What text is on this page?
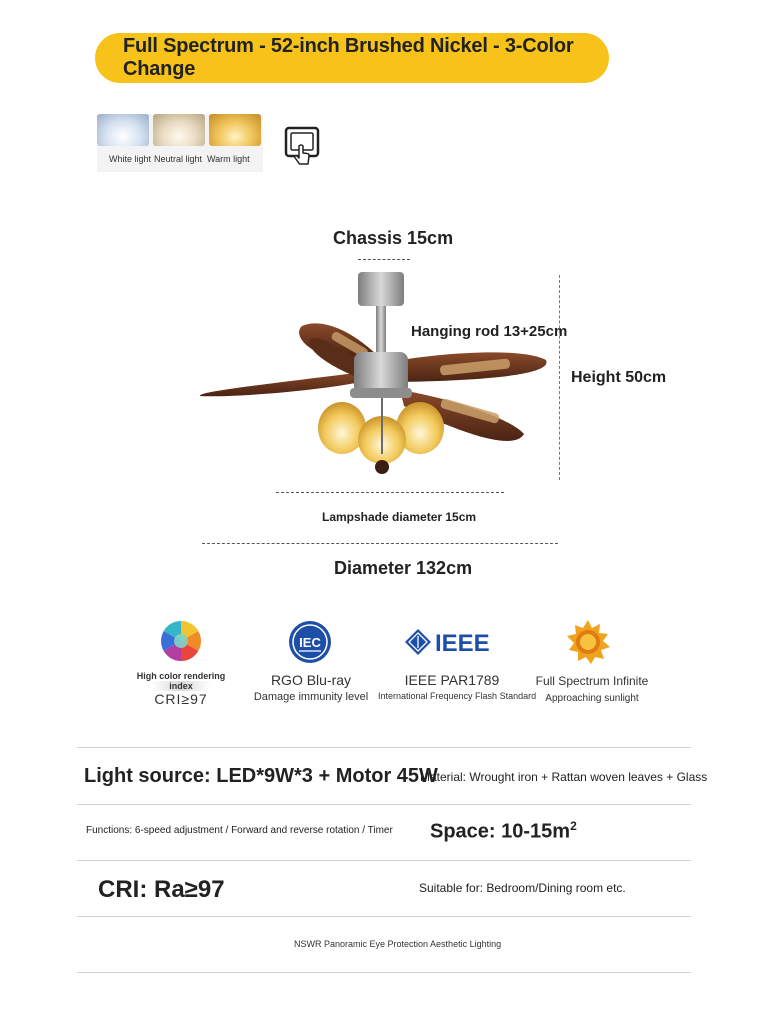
Full Spectrum - 52-inch Brushed Nickel - 3-Color Change
White light Neutral light Warm light
Chassis 15cm
Hanging rod 13+25cm
Height 50cm
Lampshade diameter 15cm
Diameter 132cm
High color rendering
index
CRI≥97
IEC
RGO Blu-ray
Damage immunity level
IEEE
IEEE PAR1789
International Frequency Flash Standard
Full Spectrum Infinite
Approaching sunlight
Light source: LED*9W*3 + Motor 45W
Material: Wrought iron + Rattan woven leaves + Glass
Functions: 6-speed adjustment / Forward and reverse rotation / Timer Space: $10-15m^2$
CRI: Ra≥97	Suitable for: Bedroom/Dining room etc.
NSWR Panoramic Eye Protection Aesthetic Lighting
